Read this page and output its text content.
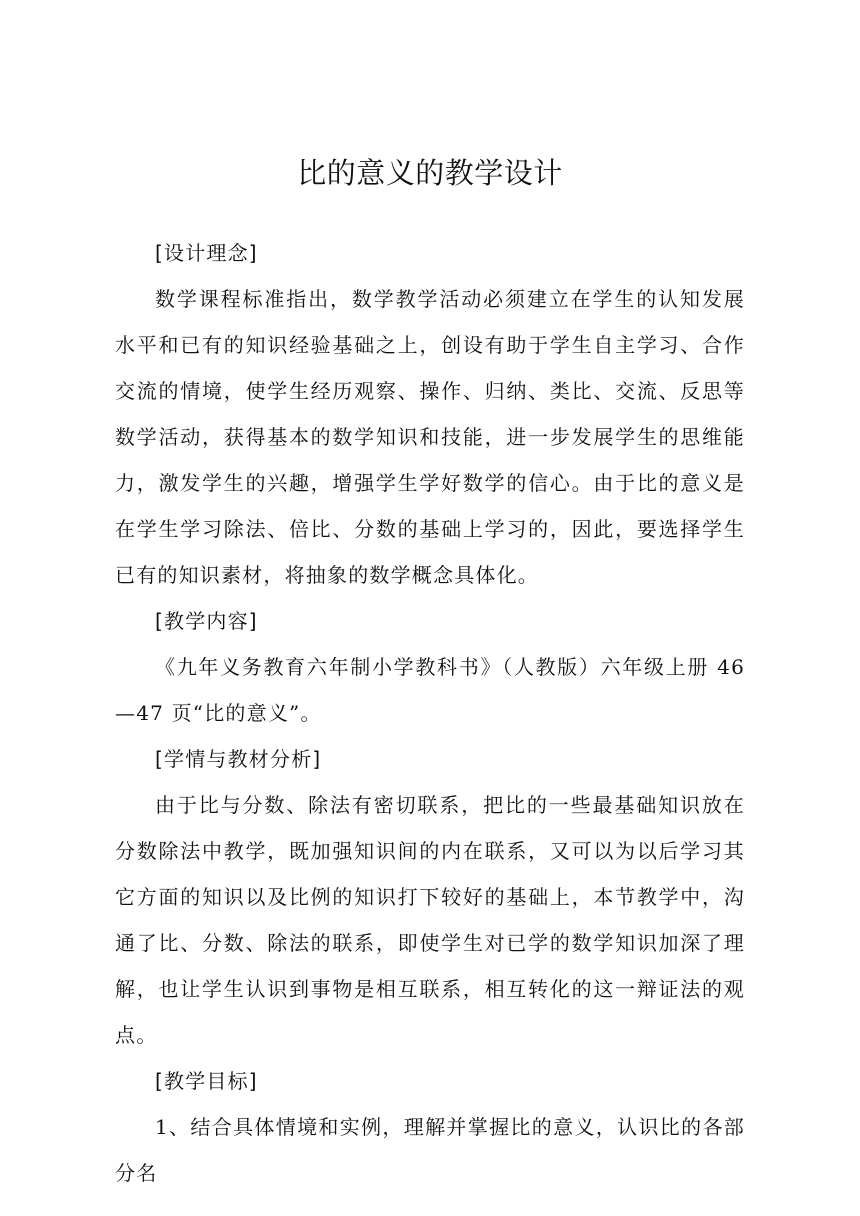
比的意义的教学设计
[设计理念]

数学课程标准指出，数学教学活动必须建立在学生的认知发展水平和已有的知识经验基础之上，创设有助于学生自主学习、合作交流的情境，使学生经历观察、操作、归纳、类比、交流、反思等数学活动，获得基本的数学知识和技能，进一步发展学生的思维能力，激发学生的兴趣，增强学生学好数学的信心。由于比的意义是在学生学习除法、倍比、分数的基础上学习的，因此，要选择学生已有的知识素材，将抽象的数学概念具体化。

[教学内容]

《九年义务教育六年制小学教科书》（人教版）六年级上册 46—47 页“比的意义”。

[学情与教材分析]

由于比与分数、除法有密切联系，把比的一些最基础知识放在分数除法中教学，既加强知识间的内在联系，又可以为以后学习其它方面的知识以及比例的知识打下较好的基础上，本节教学中，沟通了比、分数、除法的联系，即使学生对已学的数学知识加深了理解，也让学生认识到事物是相互联系，相互转化的这一辩证法的观点。

[教学目标]

1、结合具体情境和实例，理解并掌握比的意义，认识比的各部分名
